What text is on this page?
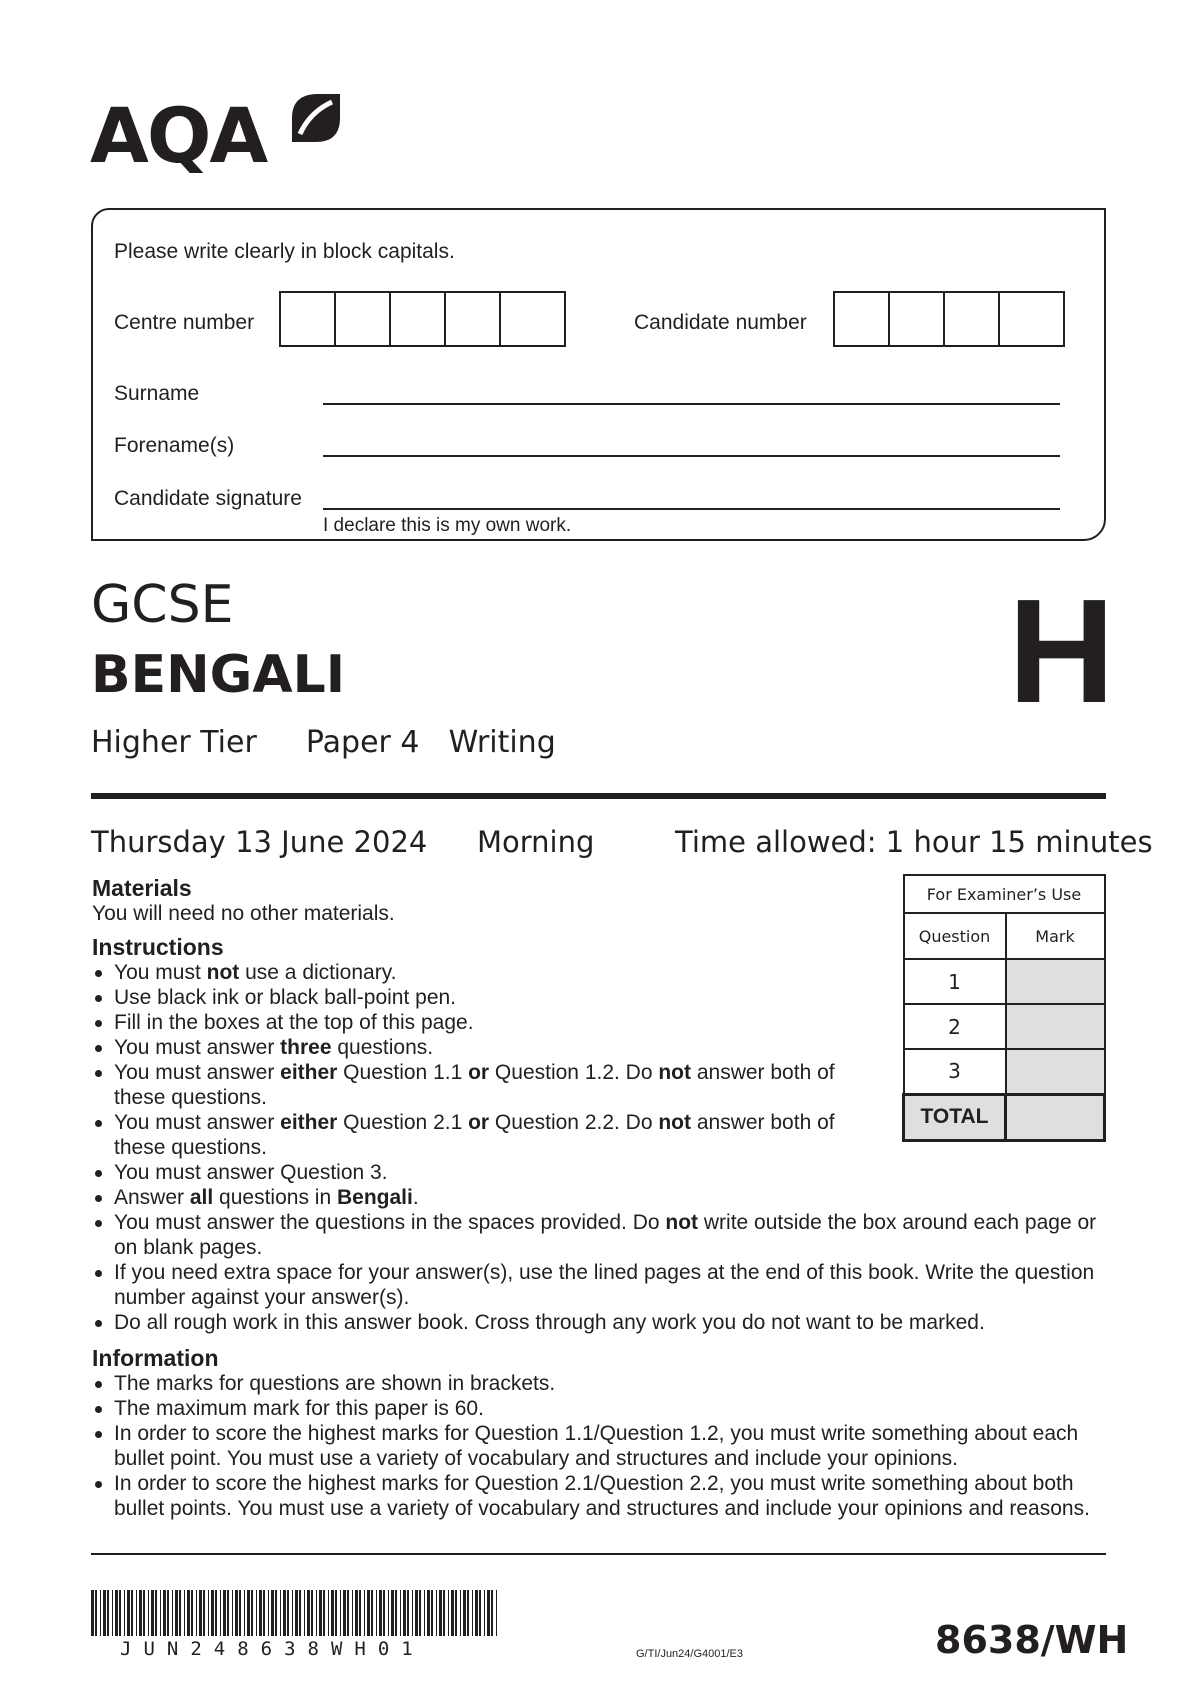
AQA
Please write clearly in block capitals.
Centre number	Candidate number
Surname
Forename(s)
Candidate signature
I declare this is my own work.
GCSE
BENGALI
Higher Tier Paper 4 Writing
H
Thursday 13 June 2024 Morning	Time allowed: 1 hour 15 minutes
Materials
You will need no other materials.
Instructions
You must not use a dictionary.
Use black ink or black ball-point pen.
Fill in the boxes at the top of this page.
You must answer three questions.
You must answer either Question 1.1 or Question 1.2. Do not answer both of these questions.
You must answer either Question 2.1 or Question 2.2. Do not answer both of these questions.
You must answer Question 3.
Answer all questions in Bengali.
You must answer the questions in the spaces provided. Do not write outside the box around each page or on blank pages.
If you need extra space for your answer(s), use the lined pages at the end of this book. Write the question number against your answer(s).
Do all rough work in this answer book. Cross through any work you do not want to be marked.
Information
The marks for questions are shown in brackets.
The maximum mark for this paper is 60.
In order to score the highest marks for Question 1.1/Question 1.2, you must write something about each bullet point. You must use a variety of vocabulary and structures and include your opinions.
In order to score the highest marks for Question 2.1/Question 2.2, you must write something about both bullet points. You must use a variety of vocabulary and structures and include your opinions and reasons.
For Examiner’s Use	
Question	Mark
1	
2	
3	
TOTAL	
JUN248638WH01	G/TI/Jun24/G4001/E3	8638/WH
